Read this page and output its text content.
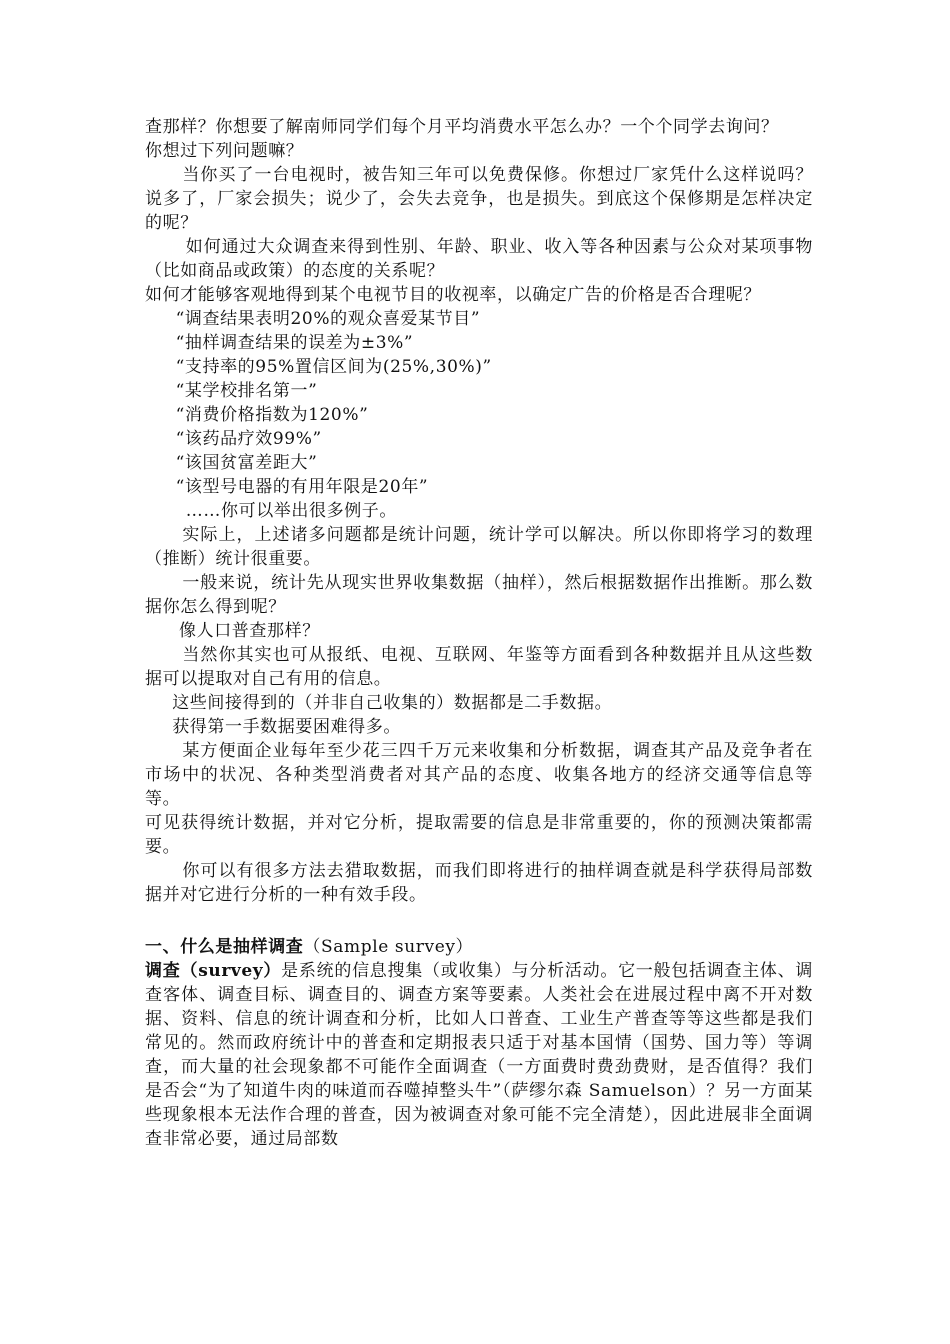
查那样？你想要了解南师同学们每个月平均消费水平怎么办？一个个同学去询问？

你想过下列问题嘛？

当你买了一台电视时，被告知三年可以免费保修。你想过厂家凭什么这样说吗？说多了，厂家会损失；说少了，会失去竞争，也是损失。到底这个保修期是怎样决定的呢？

如何通过大众调查来得到性别、年龄、职业、收入等各种因素与公众对某项事物（比如商品或政策）的态度的关系呢？

如何才能够客观地得到某个电视节目的收视率，以确定广告的价格是否合理呢？

“调查结果表明20%的观众喜爱某节目”

“抽样调查结果的误差为±3%”

“支持率的95%置信区间为(25%,30%)”

“某学校排名第一”

“消费价格指数为120%”

“该药品疗效99%”

“该国贫富差距大”

“该型号电器的有用年限是20年”

……你可以举出很多例子。

实际上，上述诸多问题都是统计问题，统计学可以解决。所以你即将学习的数理（推断）统计很重要。

一般来说，统计先从现实世界收集数据（抽样），然后根据数据作出推断。那么数据你怎么得到呢？

像人口普查那样？

当然你其实也可从报纸、电视、互联网、年鉴等方面看到各种数据并且从这些数据可以提取对自己有用的信息。

这些间接得到的（并非自己收集的）数据都是二手数据。

获得第一手数据要困难得多。

某方便面企业每年至少花三四千万元来收集和分析数据，调查其产品及竞争者在市场中的状况、各种类型消费者对其产品的态度、收集各地方的经济交通等信息等等。

可见获得统计数据，并对它分析，提取需要的信息是非常重要的，你的预测决策都需要。

你可以有很多方法去猎取数据，而我们即将进行的抽样调查就是科学获得局部数据并对它进行分析的一种有效手段。

一、什么是抽样调查（Sample survey）

调查（survey）是系统的信息搜集（或收集）与分析活动。它一般包括调查主体、调查客体、调查目标、调查目的、调查方案等要素。人类社会在进展过程中离不开对数据、资料、信息的统计调查和分析，比如人口普查、工业生产普查等等这些都是我们常见的。然而政府统计中的普查和定期报表只适于对基本国情（国势、国力等）等调查，而大量的社会现象都不可能作全面调查（一方面费时费劲费财，是否值得？我们是否会“为了知道牛肉的味道而吞噬掉整头牛”（萨缪尔森 Samuelson）？另一方面某些现象根本无法作合理的普查，因为被调查对象可能不完全清楚），因此进展非全面调查非常必要，通过局部数
